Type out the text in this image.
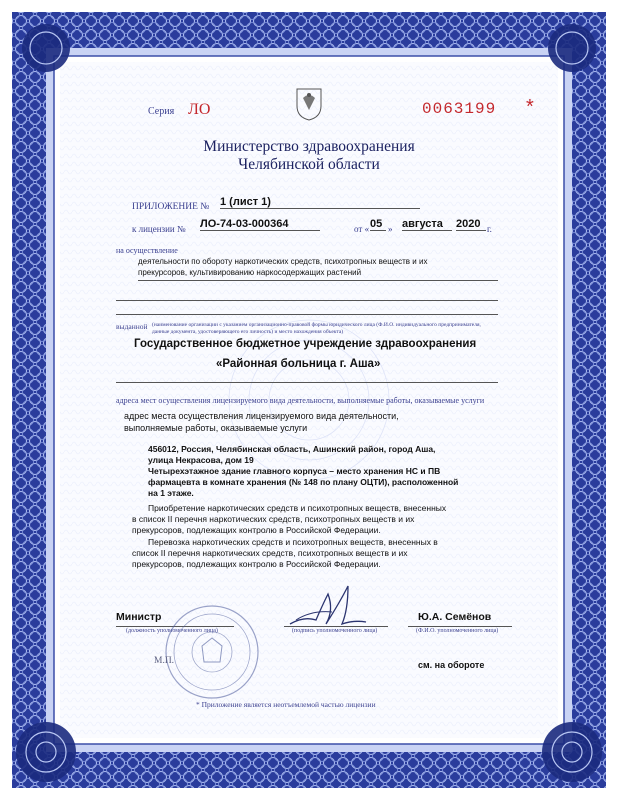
Серия ЛО	0063199 *
Министерство здравоохранения
Челябинской области
ПРИЛОЖЕНИЕ № 1 (лист 1)
к лицензии № ЛО-74-03-000364	от « 05 » августа	2020 г.
на осуществление
деятельности по обороту наркотических средств, психотропных веществ и их
прекурсоров, культивированию наркосодержащих растений
выданной (наименование организации с указанием организационно-правовой формы юридического лица (Ф.И.О. индивидуального предпринимателя,
данные документа, удостоверяющего его личность) и место нахождения объекта)
Государственное бюджетное учреждение здравоохранения
«Районная больница г. Аша»
адреса мест осуществления лицензируемого вида деятельности, выполняемые работы, оказываемые услуги
адрес места осуществления лицензируемого вида деятельности,
выполняемые работы, оказываемые услуги
456012, Россия, Челябинская область, Ашинский район, город Аша,
улица Некрасова, дом 19
Четырехэтажное здание главного корпуса – место хранения НС и ПВ
фармацевта в комнате хранения (№ 148 по плану ОЦТИ), расположенной
на 1 этаже.
Приобретение наркотических средств и психотропных веществ, внесенных
в список II перечня наркотических средств, психотропных веществ и их
прекурсоров, подлежащих контролю в Российской Федерации.
Перевозка наркотических средств и психотропных веществ, внесенных в
список II перечня наркотических средств, психотропных веществ и их
прекурсоров, подлежащих контролю в Российской Федерации.
Министр
(должность уполномоченного лица)	(подпись уполномоченного лица)
Ю.А. Семёнов
(Ф.И.О. уполномоченного лица)
М.П.	см. на обороте
* Приложение является неотъемлемой частью лицензии
